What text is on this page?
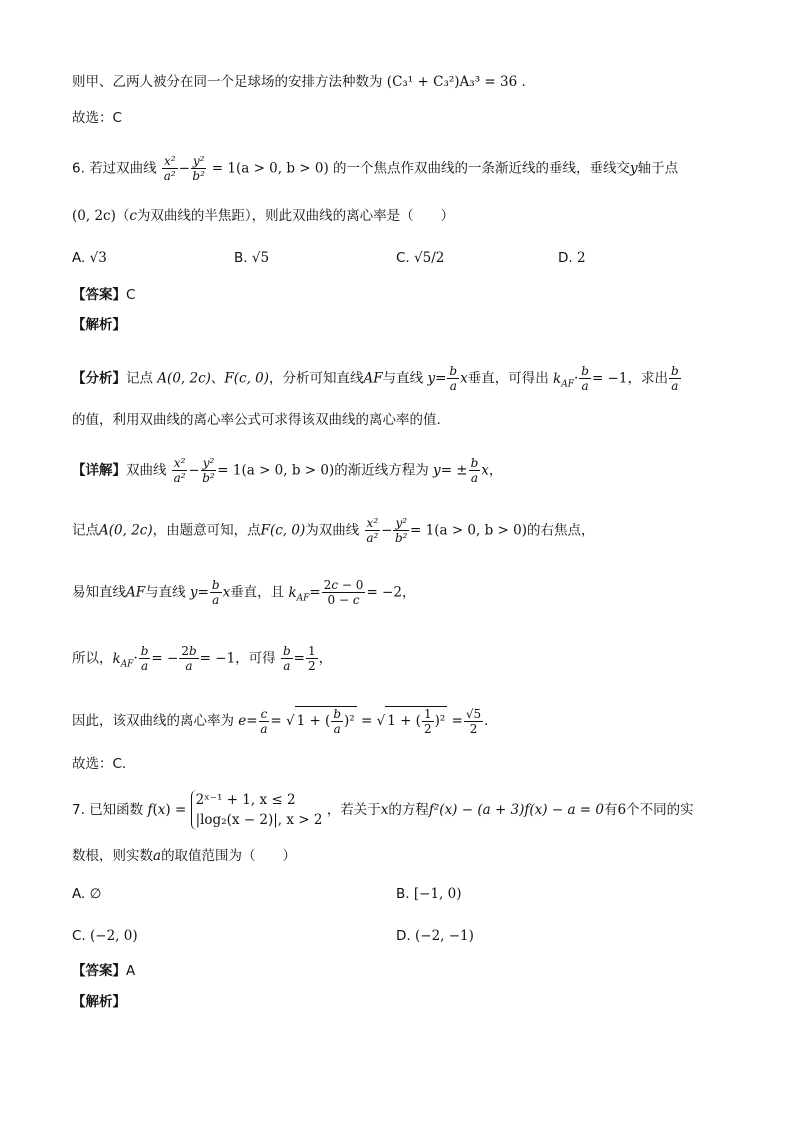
则甲、乙两人被分在同一个足球场的安排方法种数为 (C₃¹ + C₃²)A₃³ = 36 .
故选：C
6. 若过双曲线 $\frac{\text{x²}}{\text{a²}} - \frac{\text{y²}}{\text{b²}} = 1(a > 0$, b > 0) 的一个焦点作双曲线的一条渐近线的垂线，垂线交y轴于点
(0, 2c)（c为双曲线的半焦距），则此双曲线的离心率是（　　）
A. √3	B. √5	C. √5/2	D. 2
【答案】C
【解析】
【分析】记点 A(0, 2c)、F(c, 0)，分析可知直线AF与直线 $y= \frac{b}{a}$ x垂直，可得出 $k_{AF}\cdot \frac{b}{a} = -1$，求出 $\frac{b}{a}$
的值，利用双曲线的离心率公式可求得该双曲线的离心率的值.
【详解】双曲线 $\frac{\text{x²}}{\text{a²}} - \frac{\text{y²}}{\text{b²}} = 1(a > 0$, b > 0)的渐近线方程为 $y= \pm \frac{b}{a}$ x，
记点A(0, 2c)，由题意可知，点F(c, 0)为双曲线 $\frac{\text{x²}}{\text{a²}} - \frac{\text{y²}}{\text{b²}} = 1(a > 0$, b > 0)的右焦点，
易知直线AF与直线 $y= \frac{b}{a}$ x垂直，且 $k_{AF}= \frac{2c - 0}{0 - c} = -2$，
所以，$k_{AF}\cdot \frac{b}{a}$ = − $\frac{2b}{a} = -1$，可得 $\frac{b}{a} = \frac{1}{2}$ ，
因此，该双曲线的离心率为 $e= \frac{c}{a}$ = √ 1 + ( $\frac{b}{a} )^2$ = √ 1 + ( $\frac{1}{2} )^2 = \frac{√5}{2}$ .
故选：C.
7. 已知函数 f(x) =
2ˣ⁻¹ + 1, x ≤ 2
|log₂(x − 2)|, x > 2
，若关于x的方程f²(x) − (a + 3)f(x) − a = 0有6个不同的实
数根，则实数a的取值范围为（　　）
A. ∅	B. [−1, 0)
C. (−2, 0)	D. (−2, −1)
【答案】A
【解析】
